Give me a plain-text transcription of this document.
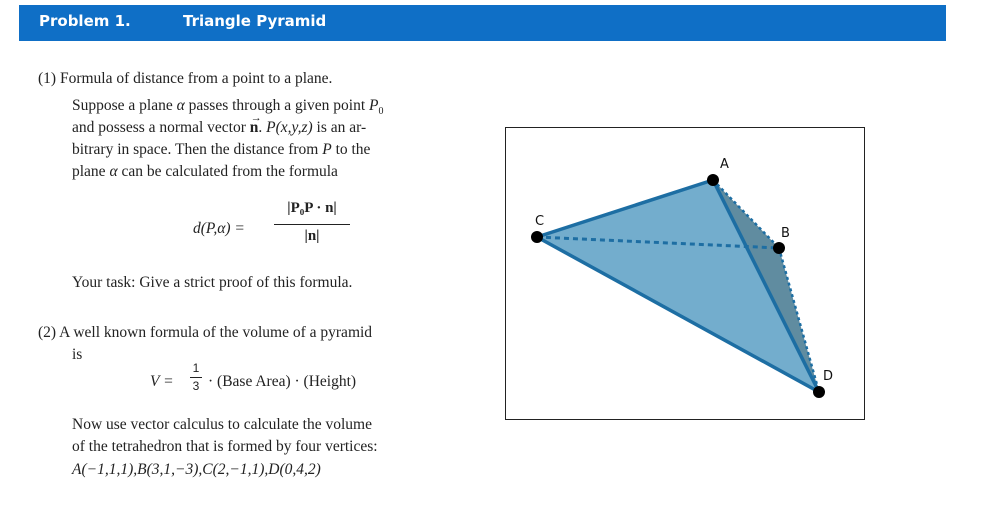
Problem 1.	Triangle Pyramid
(1) Formula of distance from a point to a plane.
Suppose a plane α passes through a given point $P_0$
and possess a normal vector n
→
. P(x,y,z) is an ar-
bitrary in space. Then the distance from P to the
plane α can be calculated from the formula
d(P,α) =
|P₀P · n|
|n|
Your task: Give a strict proof of this formula.
(2) A well known formula of the volume of a pyramid
is
V =
1
3 · (Base Area) · (Height)
Now use vector calculus to calculate the volume
of the tetrahedron that is formed by four vertices:
A(−1,1,1),B(3,1,−3),C(2,−1,1),D(0,4,2)
A
B
C
D
